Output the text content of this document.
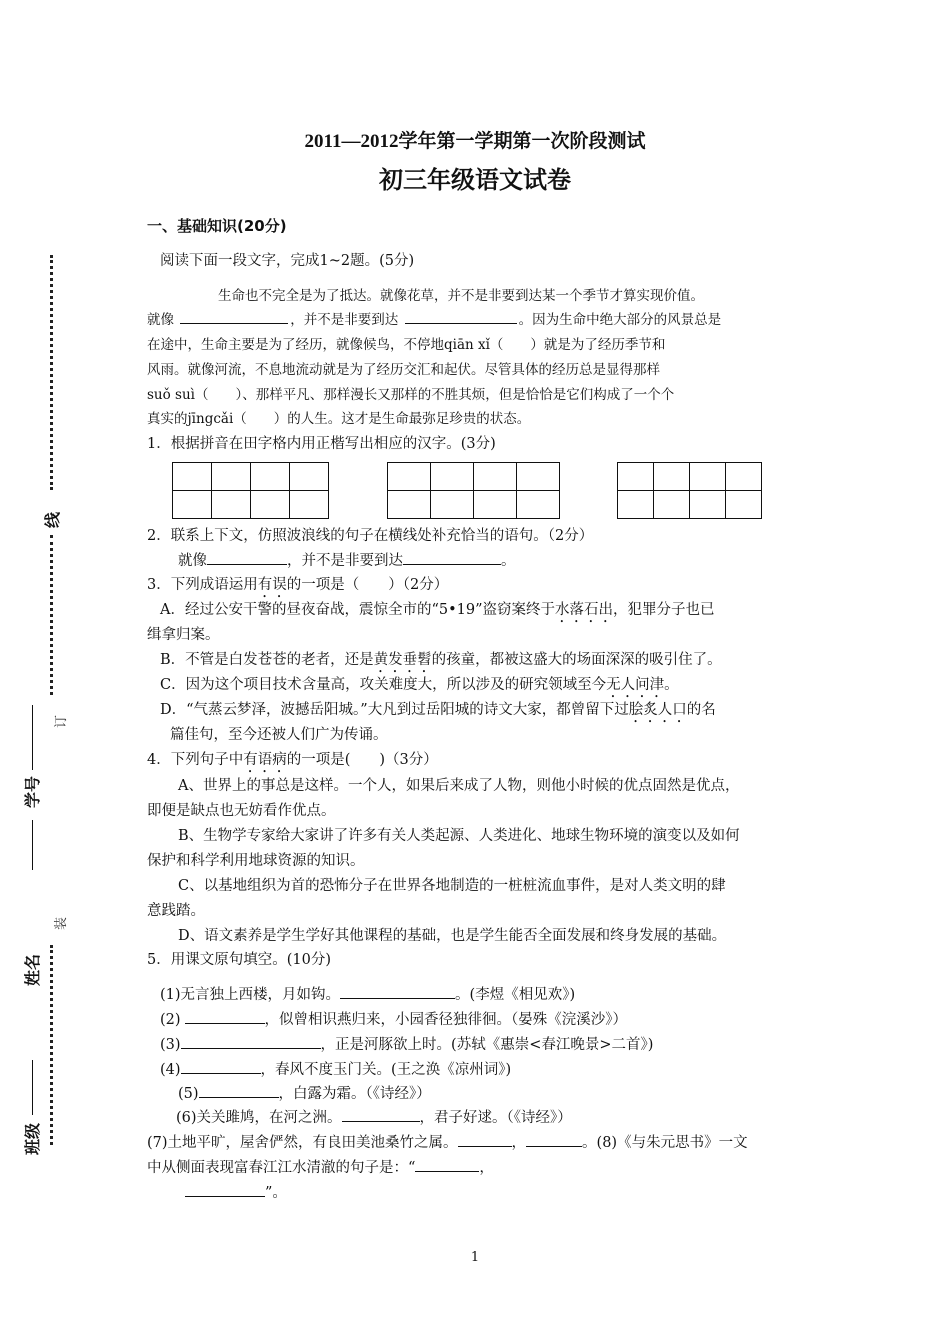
2011—2012学年第一学期第一次阶段测试
初三年级语文试卷
线
订
学号
装
姓名
班级
一、基础知识(20分)
阅读下面一段文字，完成1~2题。(5分)
生命也不完全是为了抵达。就像花草，并不是非要到达某一个季节才算实现价值。
就像	，并不是非要到达	。因为生命中绝大部分的风景总是
在途中，生命主要是为了经历，就像候鸟，不停地qiān xǐ（　　）就是为了经历季节和
风雨。就像河流，不息地流动就是为了经历交汇和起伏。尽管具体的经历总是显得那样
suǒ suì（　　）、那样平凡、那样漫长又那样的不胜其烦，但是恰恰是它们构成了一个个
真实的jīngcǎi（　　）的人生。这才是生命最弥足珍贵的状态。
1．根据拼音在田字格内用正楷写出相应的汉字。(3分)
2．联系上下文，仿照波浪线的句子在横线处补充恰当的语句。（2分）
就像	，并不是非要到达	。
3．下列成语运用有误的一项是（　　）（2分）
A．经过公安干警的昼夜奋战，震惊全市的“5•19”盗窃案终于水落石出，犯罪分子也已
缉拿归案。
B．不管是白发苍苍的老者，还是黄发垂髫的孩童，都被这盛大的场面深深的吸引住了。
C．因为这个项目技术含量高，攻关难度大，所以涉及的研究领域至今无人问津。
D．“气蒸云梦泽，波撼岳阳城。”大凡到过岳阳城的诗文大家，都曾留下过脍炙人口的名
篇佳句，至今还被人们广为传诵。
4．下列句子中有语病的一项是(　　)（3分）
A、世界上的事总是这样。一个人，如果后来成了人物，则他小时候的优点固然是优点，
即便是缺点也无妨看作优点。
B、生物学专家给大家讲了许多有关人类起源、人类进化、地球生物环境的演变以及如何
保护和科学利用地球资源的知识。
C、以基地组织为首的恐怖分子在世界各地制造的一桩桩流血事件，是对人类文明的肆
意践踏。
D、语文素养是学生学好其他课程的基础，也是学生能否全面发展和终身发展的基础。
5．用课文原句填空。(10分)
(1)无言独上西楼，月如钩。	。(李煜《相见欢》)
(2)	，似曾相识燕归来，小园香径独徘徊。（晏殊《浣溪沙》）
(3)	，正是河豚欲上时。(苏轼《惠崇<春江晚景>二首》)
(4)	，春风不度玉门关。(王之涣《凉州词》)
(5)	，白露为霜。（《诗经》）
(6)关关雎鸠，在河之洲。	，君子好逑。（《诗经》）
(7)土地平旷，屋舍俨然，有良田美池桑竹之属。	，	。(8)《与朱元思书》一文
中从侧面表现富春江江水清澈的句子是：“	，
”。
1
